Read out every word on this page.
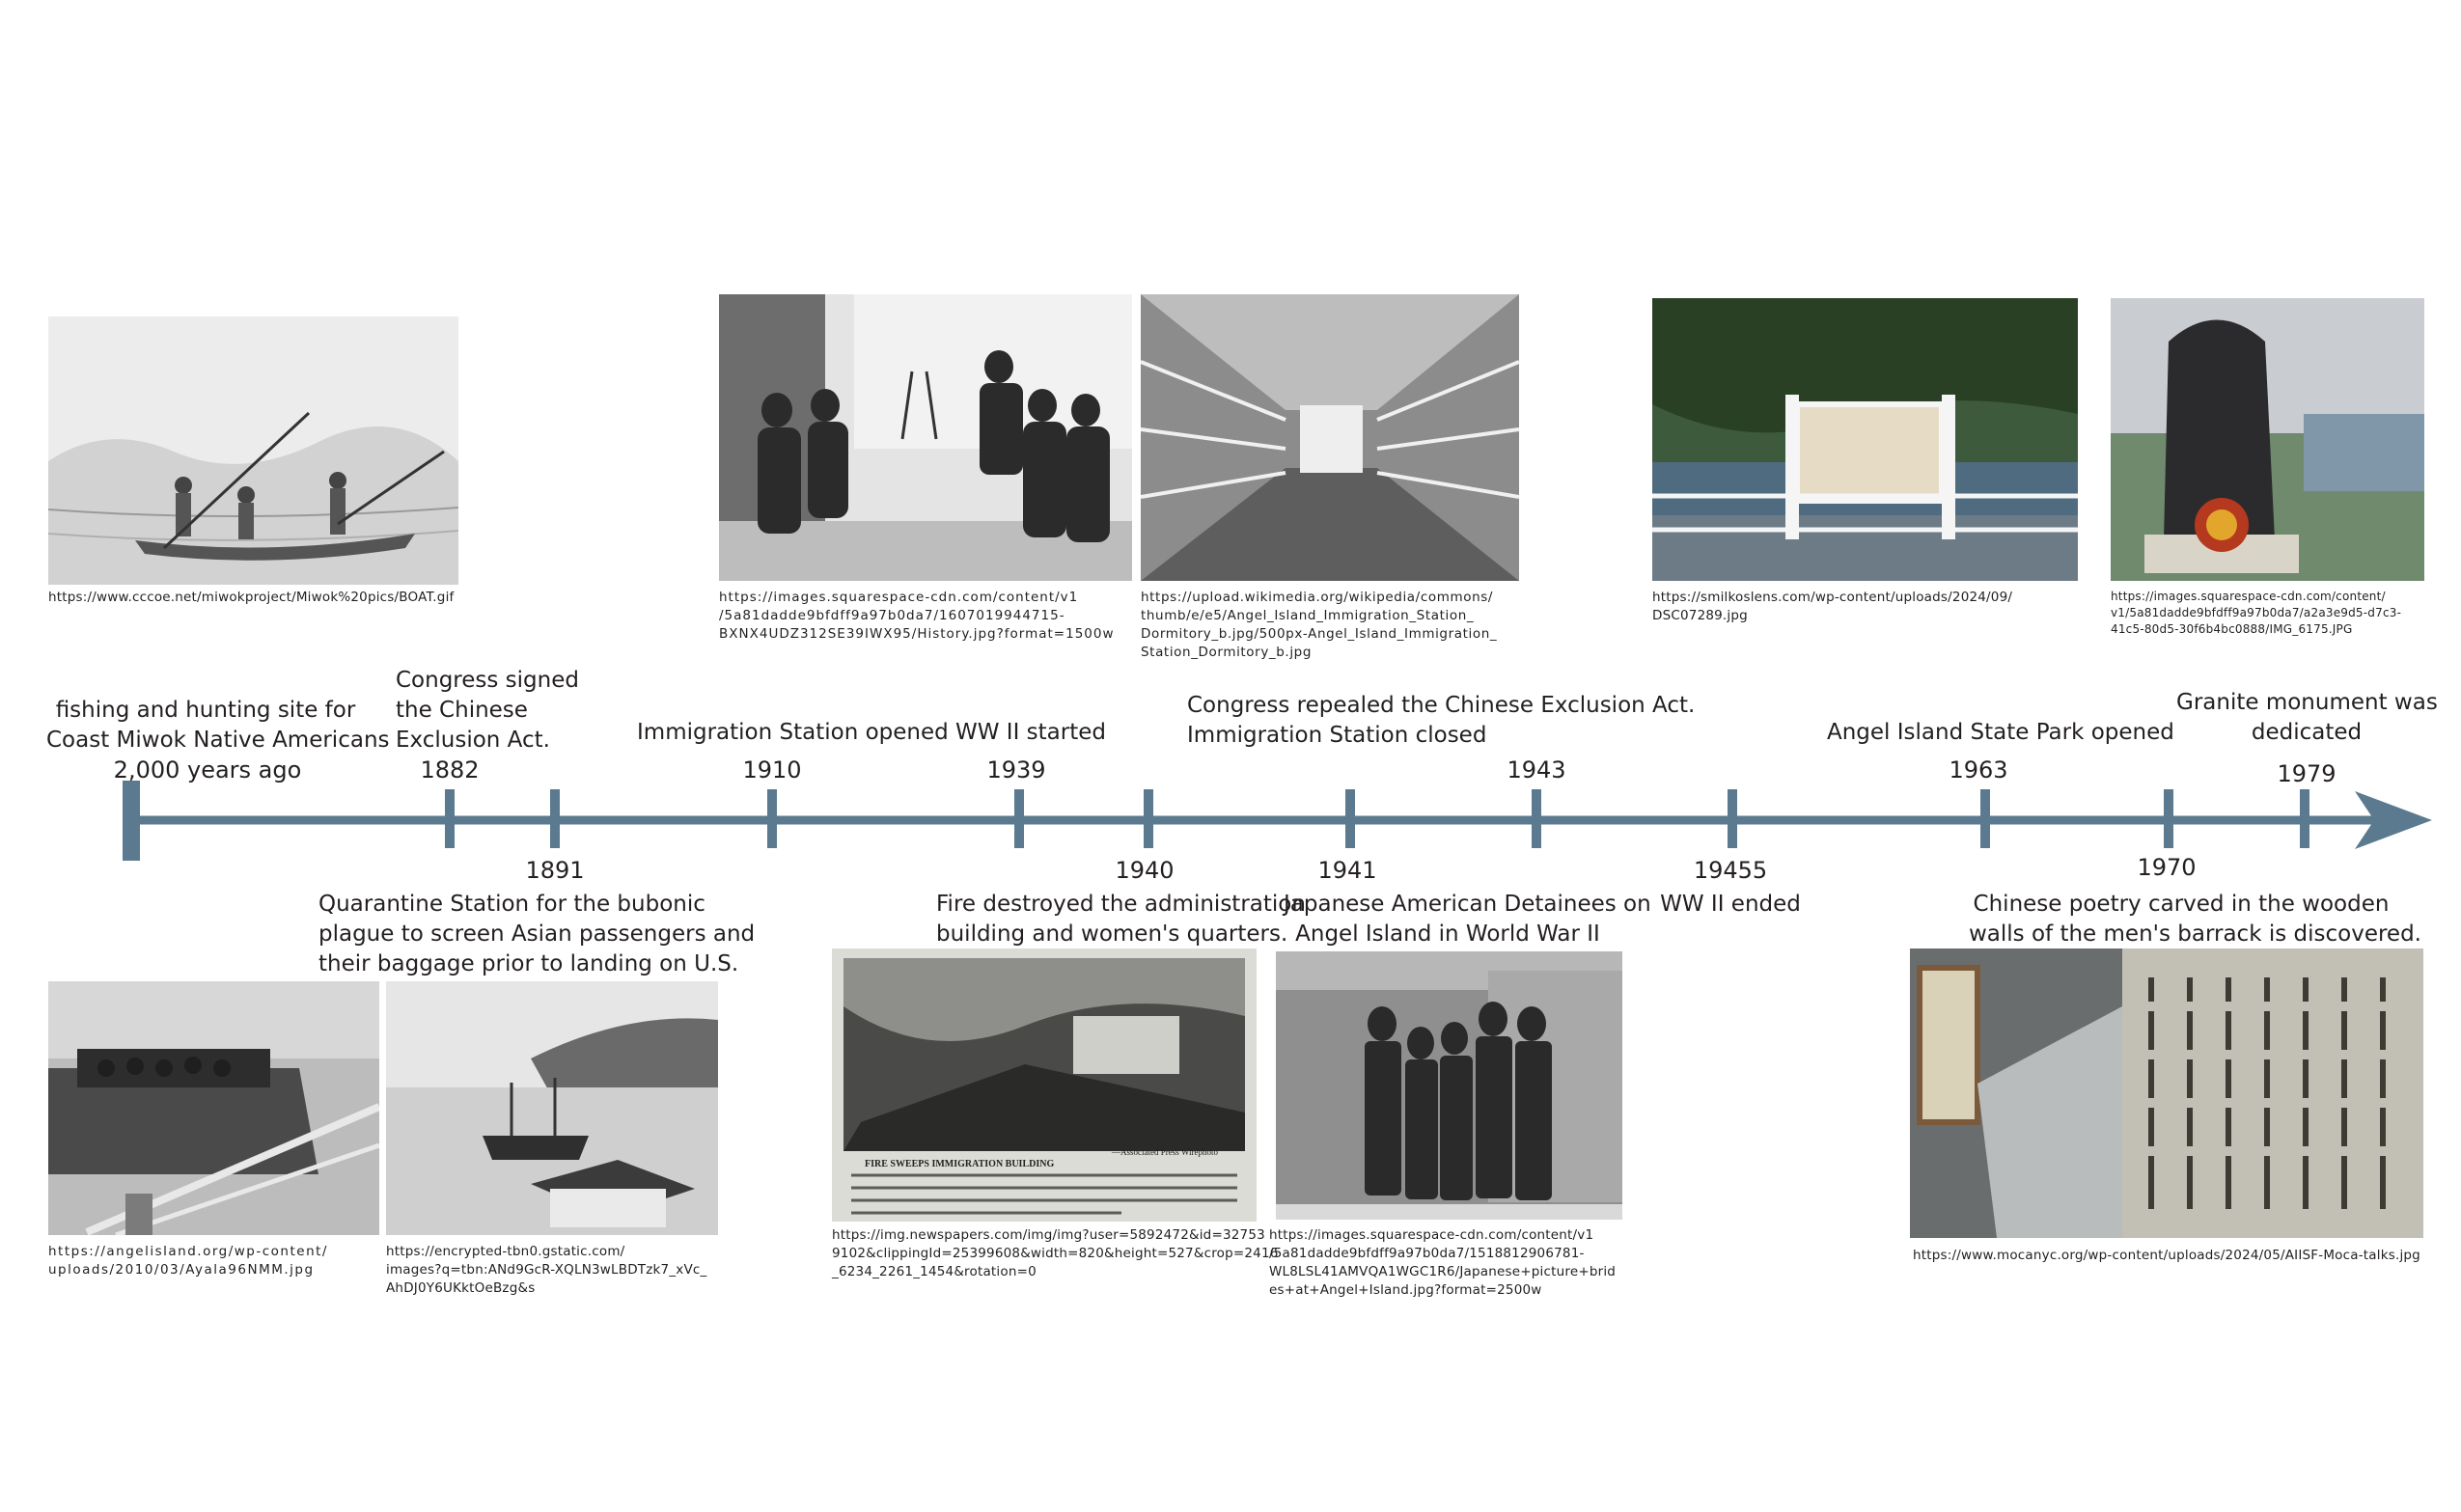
fishing and hunting site for
Coast Miwok Native Americans
2,000 years ago
Congress signed
the Chinese
Exclusion Act.
1882
Immigration Station opened
1910
WW II started
1939
Congress repealed the Chinese Exclusion Act.
Immigration Station closed
1943
Angel Island State Park opened
1963
Granite monument was
dedicated
1979
1891
Quarantine Station for the bubonic
plague to screen Asian passengers and
their baggage prior to landing on U.S.
1940
Fire destroyed the administration
building and women's quarters.
1941
Japanese American Detainees on
Angel Island in World War II
19455
WW II ended
1970
Chinese poetry carved in the wooden
walls of the men's barrack is discovered.
FIRE SWEEPS IMMIGRATION BUILDING
—Associated Press Wirephoto
https://www.cccoe.net/miwokproject/Miwok%20pics/BOAT.gif	https://images.squarespace-cdn.com/content/v1
/5a81dadde9bfdff9a97b0da7/1607019944715-
BXNX4UDZ312SE39IWX95/History.jpg?format=1500w
https://upload.wikimedia.org/wikipedia/commons/
thumb/e/e5/Angel_Island_Immigration_Station_
Dormitory_b.jpg/500px-Angel_Island_Immigration_
Station_Dormitory_b.jpg
https://smilkoslens.com/wp-content/uploads/2024/09/
DSC07289.jpg
https://images.squarespace-cdn.com/content/
v1/5a81dadde9bfdff9a97b0da7/a2a3e9d5-d7c3-
41c5-80d5-30f6b4bc0888/IMG_6175.JPG
https://angelisland.org/wp-content/
uploads/2010/03/Ayala96NMM.jpg
https://encrypted-tbn0.gstatic.com/
images?q=tbn:ANd9GcR-XQLN3wLBDTzk7_xVc_
AhDJ0Y6UKktOeBzg&s
https://img.newspapers.com/img/img?user=5892472&id=32753
9102&clippingId=25399608&width=820&height=527&crop=2416
_6234_2261_1454&rotation=0
https://images.squarespace-cdn.com/content/v1
/5a81dadde9bfdff9a97b0da7/1518812906781-
WL8LSL41AMVQA1WGC1R6/Japanese+picture+brid
es+at+Angel+Island.jpg?format=2500w
https://www.mocanyc.org/wp-content/uploads/2024/05/AIISF-Moca-talks.jpg
